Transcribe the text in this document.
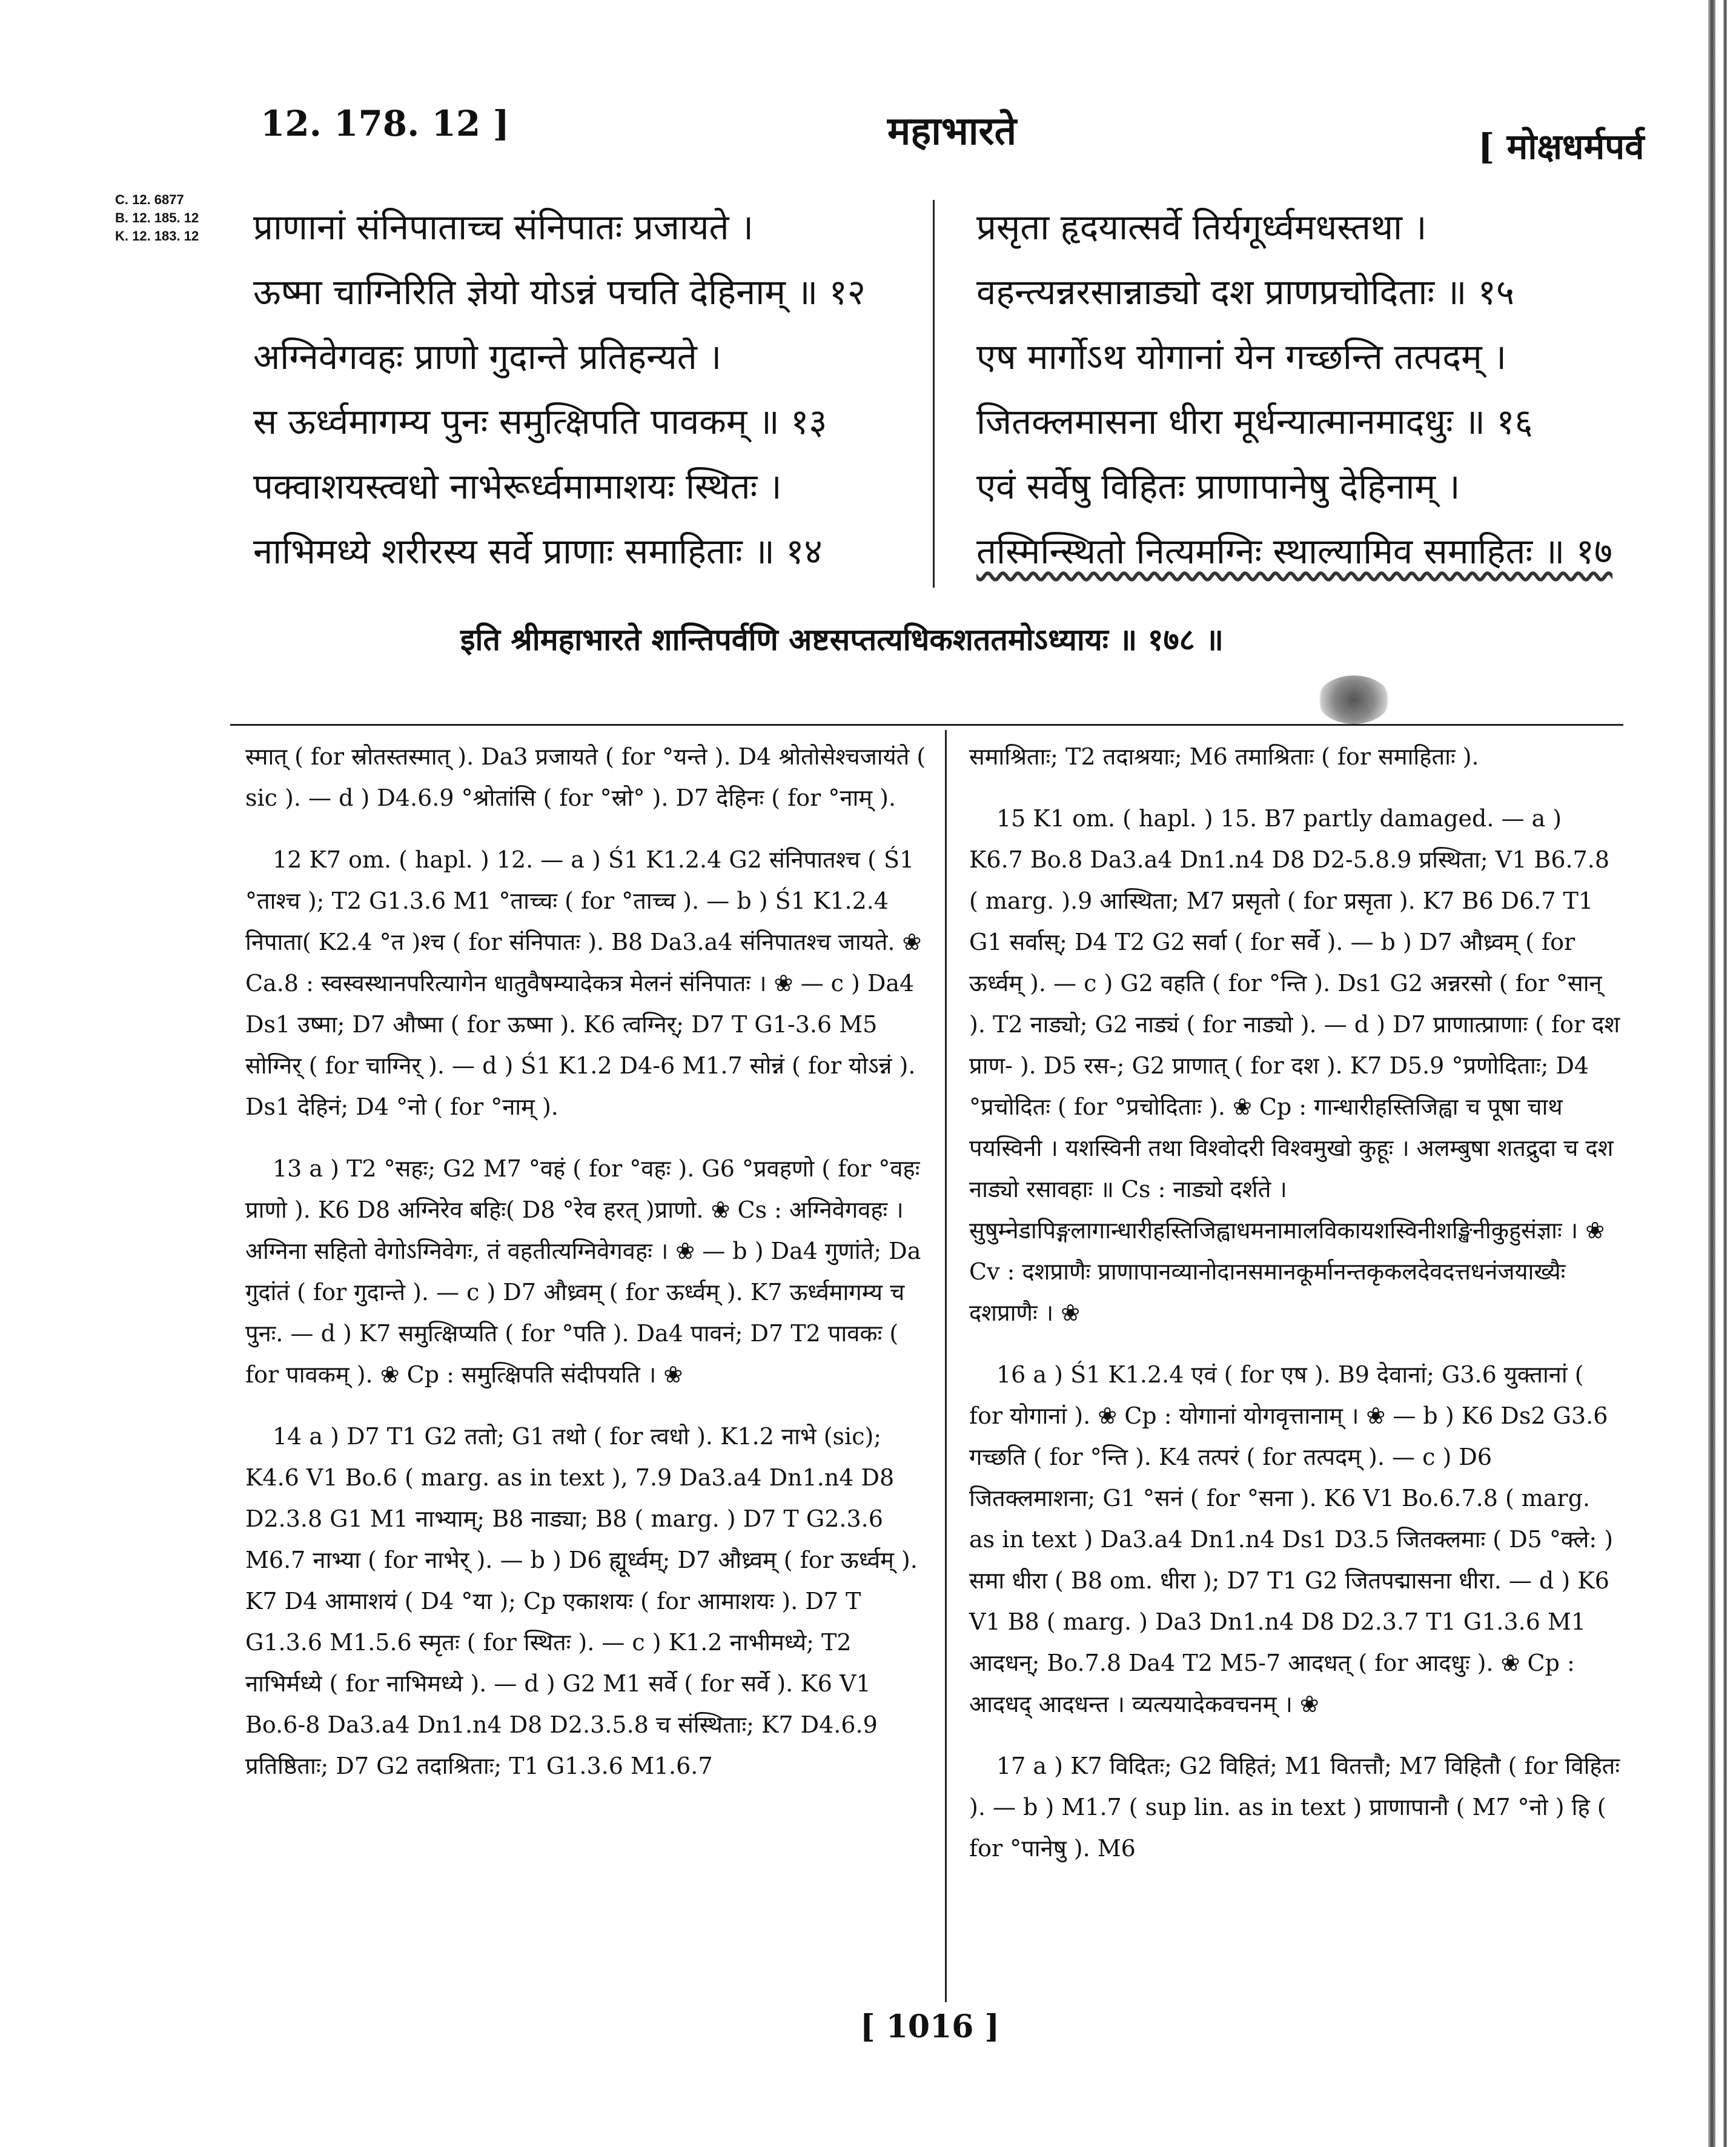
12. 178. 12 ]	महाभारते	[ मोक्षधर्मपर्व
C. 12. 6877
B. 12. 185. 12
K. 12. 183. 12 प्राणानां संनिपाताच्च संनिपातः प्रजायते ।
ऊष्मा चाग्निरिति ज्ञेयो योऽन्नं पचति देहिनाम् ॥ १२
अग्निवेगवहः प्राणो गुदान्ते प्रतिहन्यते ।
स ऊर्ध्वमागम्य पुनः समुत्क्षिपति पावकम् ॥ १३
पक्वाशयस्त्वधो नाभेरूर्ध्वमामाशयः स्थितः ।
नाभिमध्ये शरीरस्य सर्वे प्राणाः समाहिताः ॥ १४
प्रसृता हृदयात्सर्वे तिर्यगूर्ध्वमधस्तथा ।
वहन्त्यन्नरसान्नाड्यो दश प्राणप्रचोदिताः ॥ १५
एष मार्गोऽथ योगानां येन गच्छन्ति तत्पदम् ।
जितक्लमासना धीरा मूर्धन्यात्मानमादधुः ॥ १६
एवं सर्वेषु विहितः प्राणापानेषु देहिनाम् ।
तस्मिन्स्थितो नित्यमग्निः स्थाल्यामिव समाहितः ॥ १७
इति श्रीमहाभारते शान्तिपर्वणि अष्टसप्तत्यधिकशततमोऽध्यायः ॥ १७८ ॥

स्मात् ( for स्रोतस्तस्मात् ). Da3 प्रजायते ( for °यन्ते ). D4 श्रोतोसेश्चजायंते ( sic ). — d ) D4.6.9 °श्रोतांसि ( for °स्रो° ). D7 देहिनः ( for °नाम् ).

12 K7 om. ( hapl. ) 12. — a ) Ś1 K1.2.4 G2 संनिपातश्च ( Ś1 °ताश्च ); T2 G1.3.6 M1 °ताच्चः ( for °ताच्च ). — b ) Ś1 K1.2.4 निपाता( K2.4 °त )श्च ( for संनिपातः ). B8 Da3.a4 संनिपातश्च जायते. ❀ Ca.8 : स्वस्वस्थानपरित्यागेन धातुवैषम्यादेकत्र मेलनं संनिपातः । ❀ — c ) Da4 Ds1 उष्मा; D7 औष्मा ( for ऊष्मा ). K6 त्वग्निर्; D7 T G1-3.6 M5 सोग्निर् ( for चाग्निर् ). — d ) Ś1 K1.2 D4-6 M1.7 सोन्नं ( for योऽन्नं ). Ds1 देहिनं; D4 °नो ( for °नाम् ).

13 a ) T2 °सहः; G2 M7 °वहं ( for °वहः ). G6 °प्रवहणो ( for °वहः प्राणो ). K6 D8 अग्निरेव बहिः( D8 °रेव हरत् )प्राणो. ❀ Cs : अग्निवेगवहः । अग्निना सहितो वेगोऽग्निवेगः, तं वहतीत्यग्निवेगवहः । ❀ — b ) Da4 गुणांते; Da गुदांतं ( for गुदान्ते ). — c ) D7 औध्र्वम् ( for ऊर्ध्वम् ). K7 ऊर्ध्वमागम्य च पुनः. — d ) K7 समुत्क्षिप्यति ( for °पति ). Da4 पावनं; D7 T2 पावकः ( for पावकम् ). ❀ Cp : समुत्क्षिपति संदीपयति । ❀

14 a ) D7 T1 G2 ततो; G1 तथो ( for त्वधो ). K1.2 नाभे (sic); K4.6 V1 Bo.6 ( marg. as in text ), 7.9 Da3.a4 Dn1.n4 D8 D2.3.8 G1 M1 नाभ्याम्; B8 नाड्या; B8 ( marg. ) D7 T G2.3.6 M6.7 नाभ्या ( for नाभेर् ). — b ) D6 ह्यूर्ध्वम्; D7 औध्र्वम् ( for ऊर्ध्वम् ). K7 D4 आमाशयं ( D4 °या ); Cp एकाशयः ( for आमाशयः ). D7 T G1.3.6 M1.5.6 स्मृतः ( for स्थितः ). — c ) K1.2 नाभीमध्ये; T2 नाभिर्मध्ये ( for नाभिमध्ये ). — d ) G2 M1 सर्वे ( for सर्वे ). K6 V1 Bo.6-8 Da3.a4 Dn1.n4 D8 D2.3.5.8 च संस्थिताः; K7 D4.6.9 प्रतिष्ठिताः; D7 G2 तदाश्रिताः; T1 G1.3.6 M1.6.7

समाश्रिताः; T2 तदाश्रयाः; M6 तमाश्रिताः ( for समाहिताः ).

15 K1 om. ( hapl. ) 15. B7 partly damaged. — a ) K6.7 Bo.8 Da3.a4 Dn1.n4 D8 D2-5.8.9 प्रस्थिता; V1 B6.7.8 ( marg. ).9 आस्थिता; M7 प्रसृतो ( for प्रसृता ). K7 B6 D6.7 T1 G1 सर्वास्; D4 T2 G2 सर्वा ( for सर्वे ). — b ) D7 औध्र्वम् ( for ऊर्ध्वम् ). — c ) G2 वहति ( for °न्ति ). Ds1 G2 अन्नरसो ( for °सान् ). T2 नाड्यो; G2 नाड्यं ( for नाड्यो ). — d ) D7 प्राणात्प्राणाः ( for दश प्राण- ). D5 रस-; G2 प्राणात् ( for दश ). K7 D5.9 °प्रणोदिताः; D4 °प्रचोदितः ( for °प्रचोदिताः ). ❀ Cp : गान्धारीहस्तिजिह्वा च पूषा चाथ पयस्विनी । यशस्विनी तथा विश्वोदरी विश्वमुखो कुहूः । अलम्बुषा शतद्रुदा च दश नाड्यो रसावहाः ॥ Cs : नाड्यो दर्शते । सुषुम्नेडापिङ्गलागान्धारीहस्तिजिह्वाधमनामालविकायशस्विनीशङ्खिनीकुहुसंज्ञाः । ❀ Cv : दशप्राणैः प्राणापानव्यानोदानसमानकूर्मानन्तकृकलदेवदत्तधनंजयाख्यैः दशप्राणैः । ❀

16 a ) Ś1 K1.2.4 एवं ( for एष ). B9 देवानां; G3.6 युक्तानां ( for योगानां ). ❀ Cp : योगानां योगवृत्तानाम् । ❀ — b ) K6 Ds2 G3.6 गच्छति ( for °न्ति ). K4 तत्परं ( for तत्पदम् ). — c ) D6 जितक्लमाशना; G1 °सनं ( for °सना ). K6 V1 Bo.6.7.8 ( marg. as in text ) Da3.a4 Dn1.n4 Ds1 D3.5 जितक्लमाः ( D5 °क्ले: ) समा धीरा ( B8 om. धीरा ); D7 T1 G2 जितपद्मासना धीरा. — d ) K6 V1 B8 ( marg. ) Da3 Dn1.n4 D8 D2.3.7 T1 G1.3.6 M1 आदधन्; Bo.7.8 Da4 T2 M5-7 आदधत् ( for आदधुः ). ❀ Cp : आदधद् आदधन्त । व्यत्ययादेकवचनम् । ❀

17 a ) K7 विदितः; G2 विहितं; M1 वितत्तौ; M7 विहितौ ( for विहितः ). — b ) M1.7 ( sup lin. as in text ) प्राणापानौ ( M7 °नो ) हि ( for °पानेषु ). M6

[ 1016 ]
